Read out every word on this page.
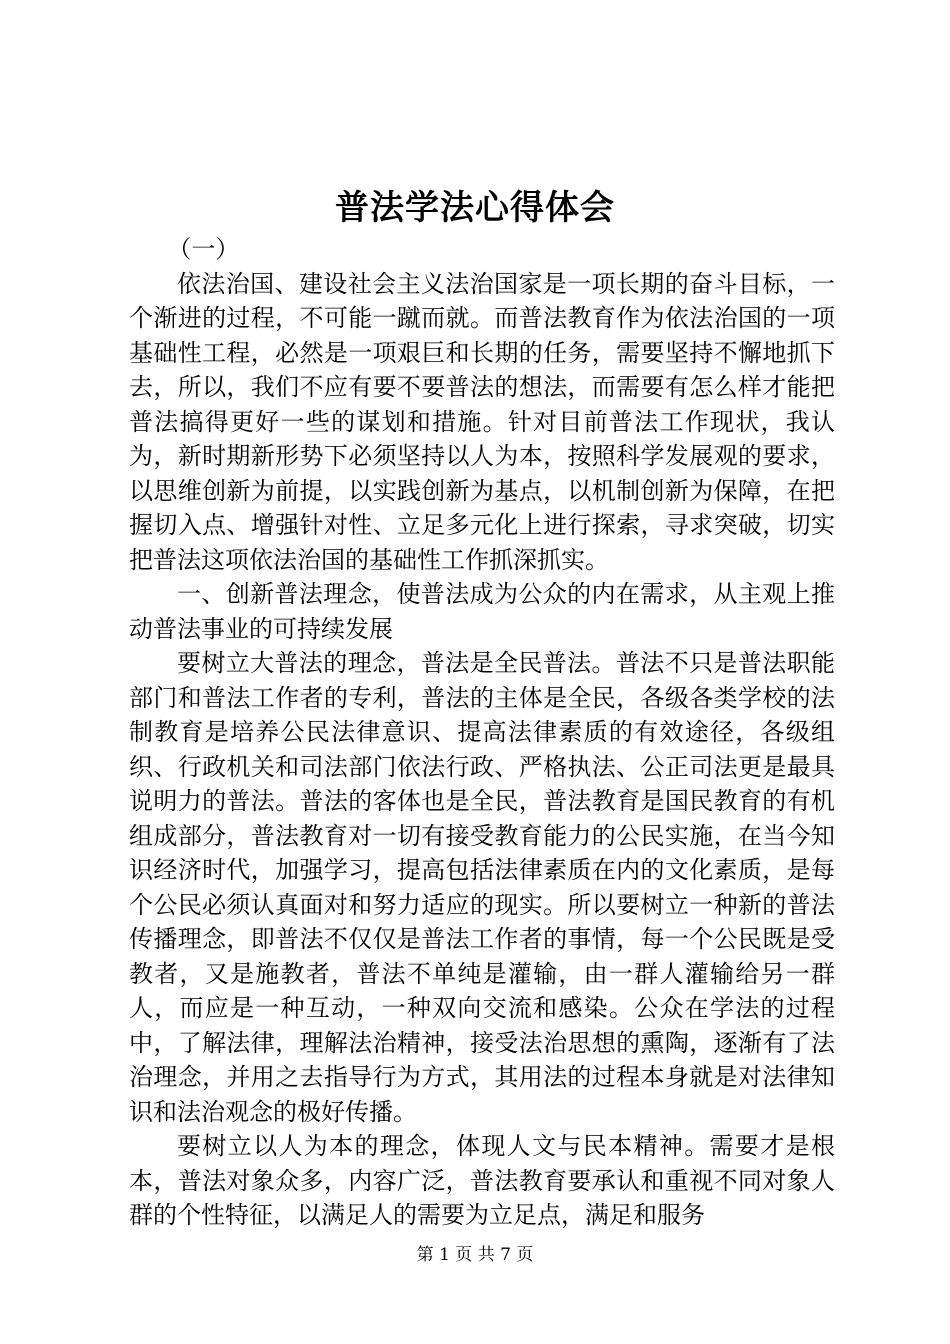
普法学法心得体会

（一）

依法治国、建设社会主义法治国家是一项长期的奋斗目标，一个渐进的过程，不可能一蹴而就。而普法教育作为依法治国的一项基础性工程，必然是一项艰巨和长期的任务，需要坚持不懈地抓下去，所以，我们不应有要不要普法的想法，而需要有怎么样才能把普法搞得更好一些的谋划和措施。针对目前普法工作现状，我认为，新时期新形势下必须坚持以人为本，按照科学发展观的要求，以思维创新为前提，以实践创新为基点，以机制创新为保障，在把握切入点、增强针对性、立足多元化上进行探索，寻求突破，切实把普法这项依法治国的基础性工作抓深抓实。

一、创新普法理念，使普法成为公众的内在需求，从主观上推动普法事业的可持续发展

要树立大普法的理念，普法是全民普法。普法不只是普法职能部门和普法工作者的专利，普法的主体是全民，各级各类学校的法制教育是培养公民法律意识、提高法律素质的有效途径，各级组织、行政机关和司法部门依法行政、严格执法、公正司法更是最具说明力的普法。普法的客体也是全民，普法教育是国民教育的有机组成部分，普法教育对一切有接受教育能力的公民实施，在当今知识经济时代，加强学习，提高包括法律素质在内的文化素质，是每个公民必须认真面对和努力适应的现实。所以要树立一种新的普法传播理念，即普法不仅仅是普法工作者的事情，每一个公民既是受教者，又是施教者，普法不单纯是灌输，由一群人灌输给另一群人，而应是一种互动，一种双向交流和感染。公众在学法的过程中，了解法律，理解法治精神，接受法治思想的熏陶，逐渐有了法治理念，并用之去指导行为方式，其用法的过程本身就是对法律知识和法治观念的极好传播。

要树立以人为本的理念，体现人文与民本精神。需要才是根本，普法对象众多，内容广泛，普法教育要承认和重视不同对象人群的个性特征，以满足人的需要为立足点，满足和服务

第 1 页 共 7 页
